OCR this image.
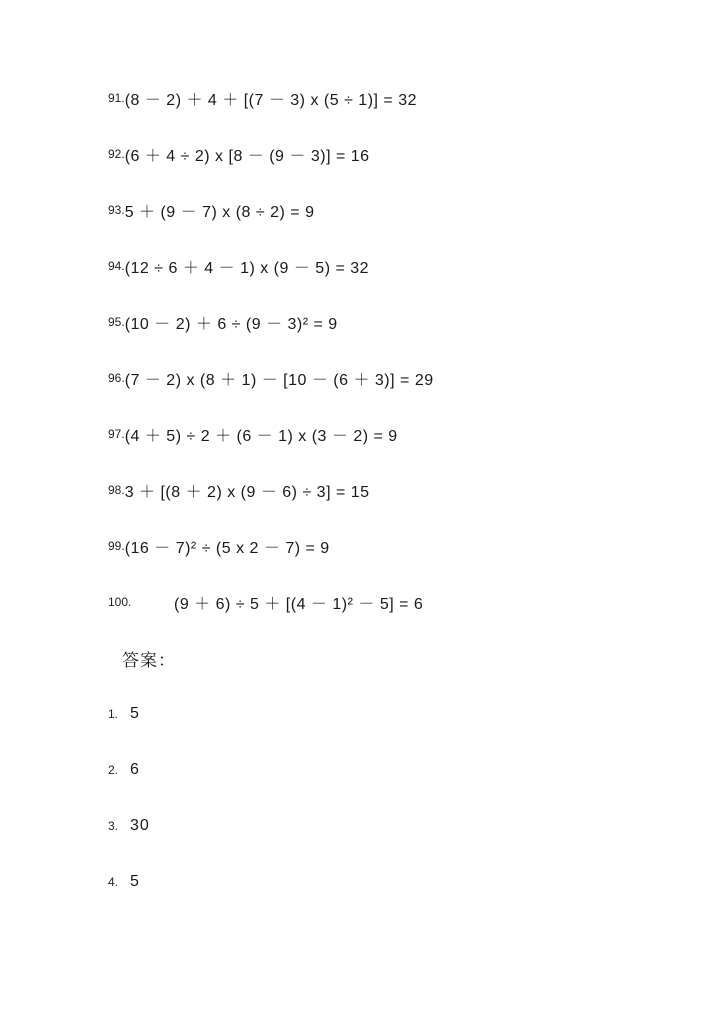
91. (8 － 2) ＋ 4 ＋ [(7 － 3) x (5 ÷ 1)] = 32
92. (6 ＋ 4 ÷ 2) x [8 － (9 － 3)] = 16
93. 5 ＋ (9 － 7) x (8 ÷ 2) = 9
94. (12 ÷ 6 ＋ 4 － 1) x (9 － 5) = 32
95. (10 － 2) ＋ 6 ÷ (9 － 3)² = 9
96. (7 － 2) x (8 ＋ 1) － [10 － (6 ＋ 3)] = 29
97. (4 ＋ 5) ÷ 2 ＋ (6 － 1) x (3 － 2) = 9
98. 3 ＋ [(8 ＋ 2) x (9 － 6) ÷ 3] = 15
99. (16 － 7)² ÷ (5 x 2 － 7) = 9
100.	(9 ＋ 6) ÷ 5 ＋ [(4 － 1)² － 5] = 6
答案：
1. 5
2. 6
3. 30
4. 5
